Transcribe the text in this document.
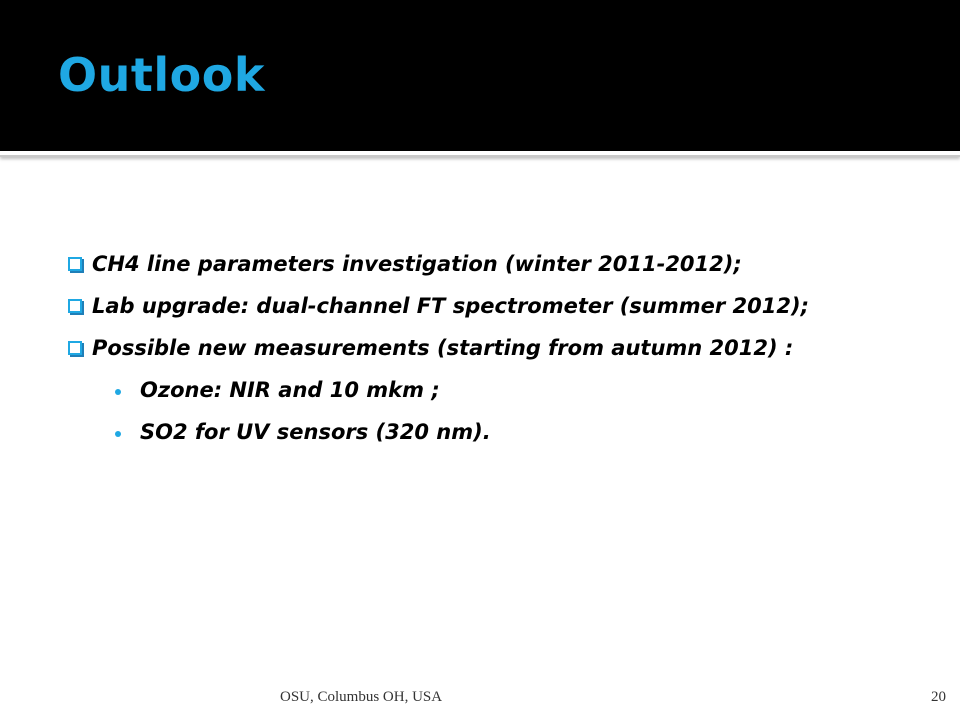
Outlook

CH4 line parameters investigation (winter 2011-2012);

Lab upgrade: dual-channel FT spectrometer (summer 2012);

Possible new measurements (starting from autumn 2012) :

Ozone: NIR and 10 mkm ;

SO2 for UV sensors (320 nm).

OSU, Columbus OH, USA	20
